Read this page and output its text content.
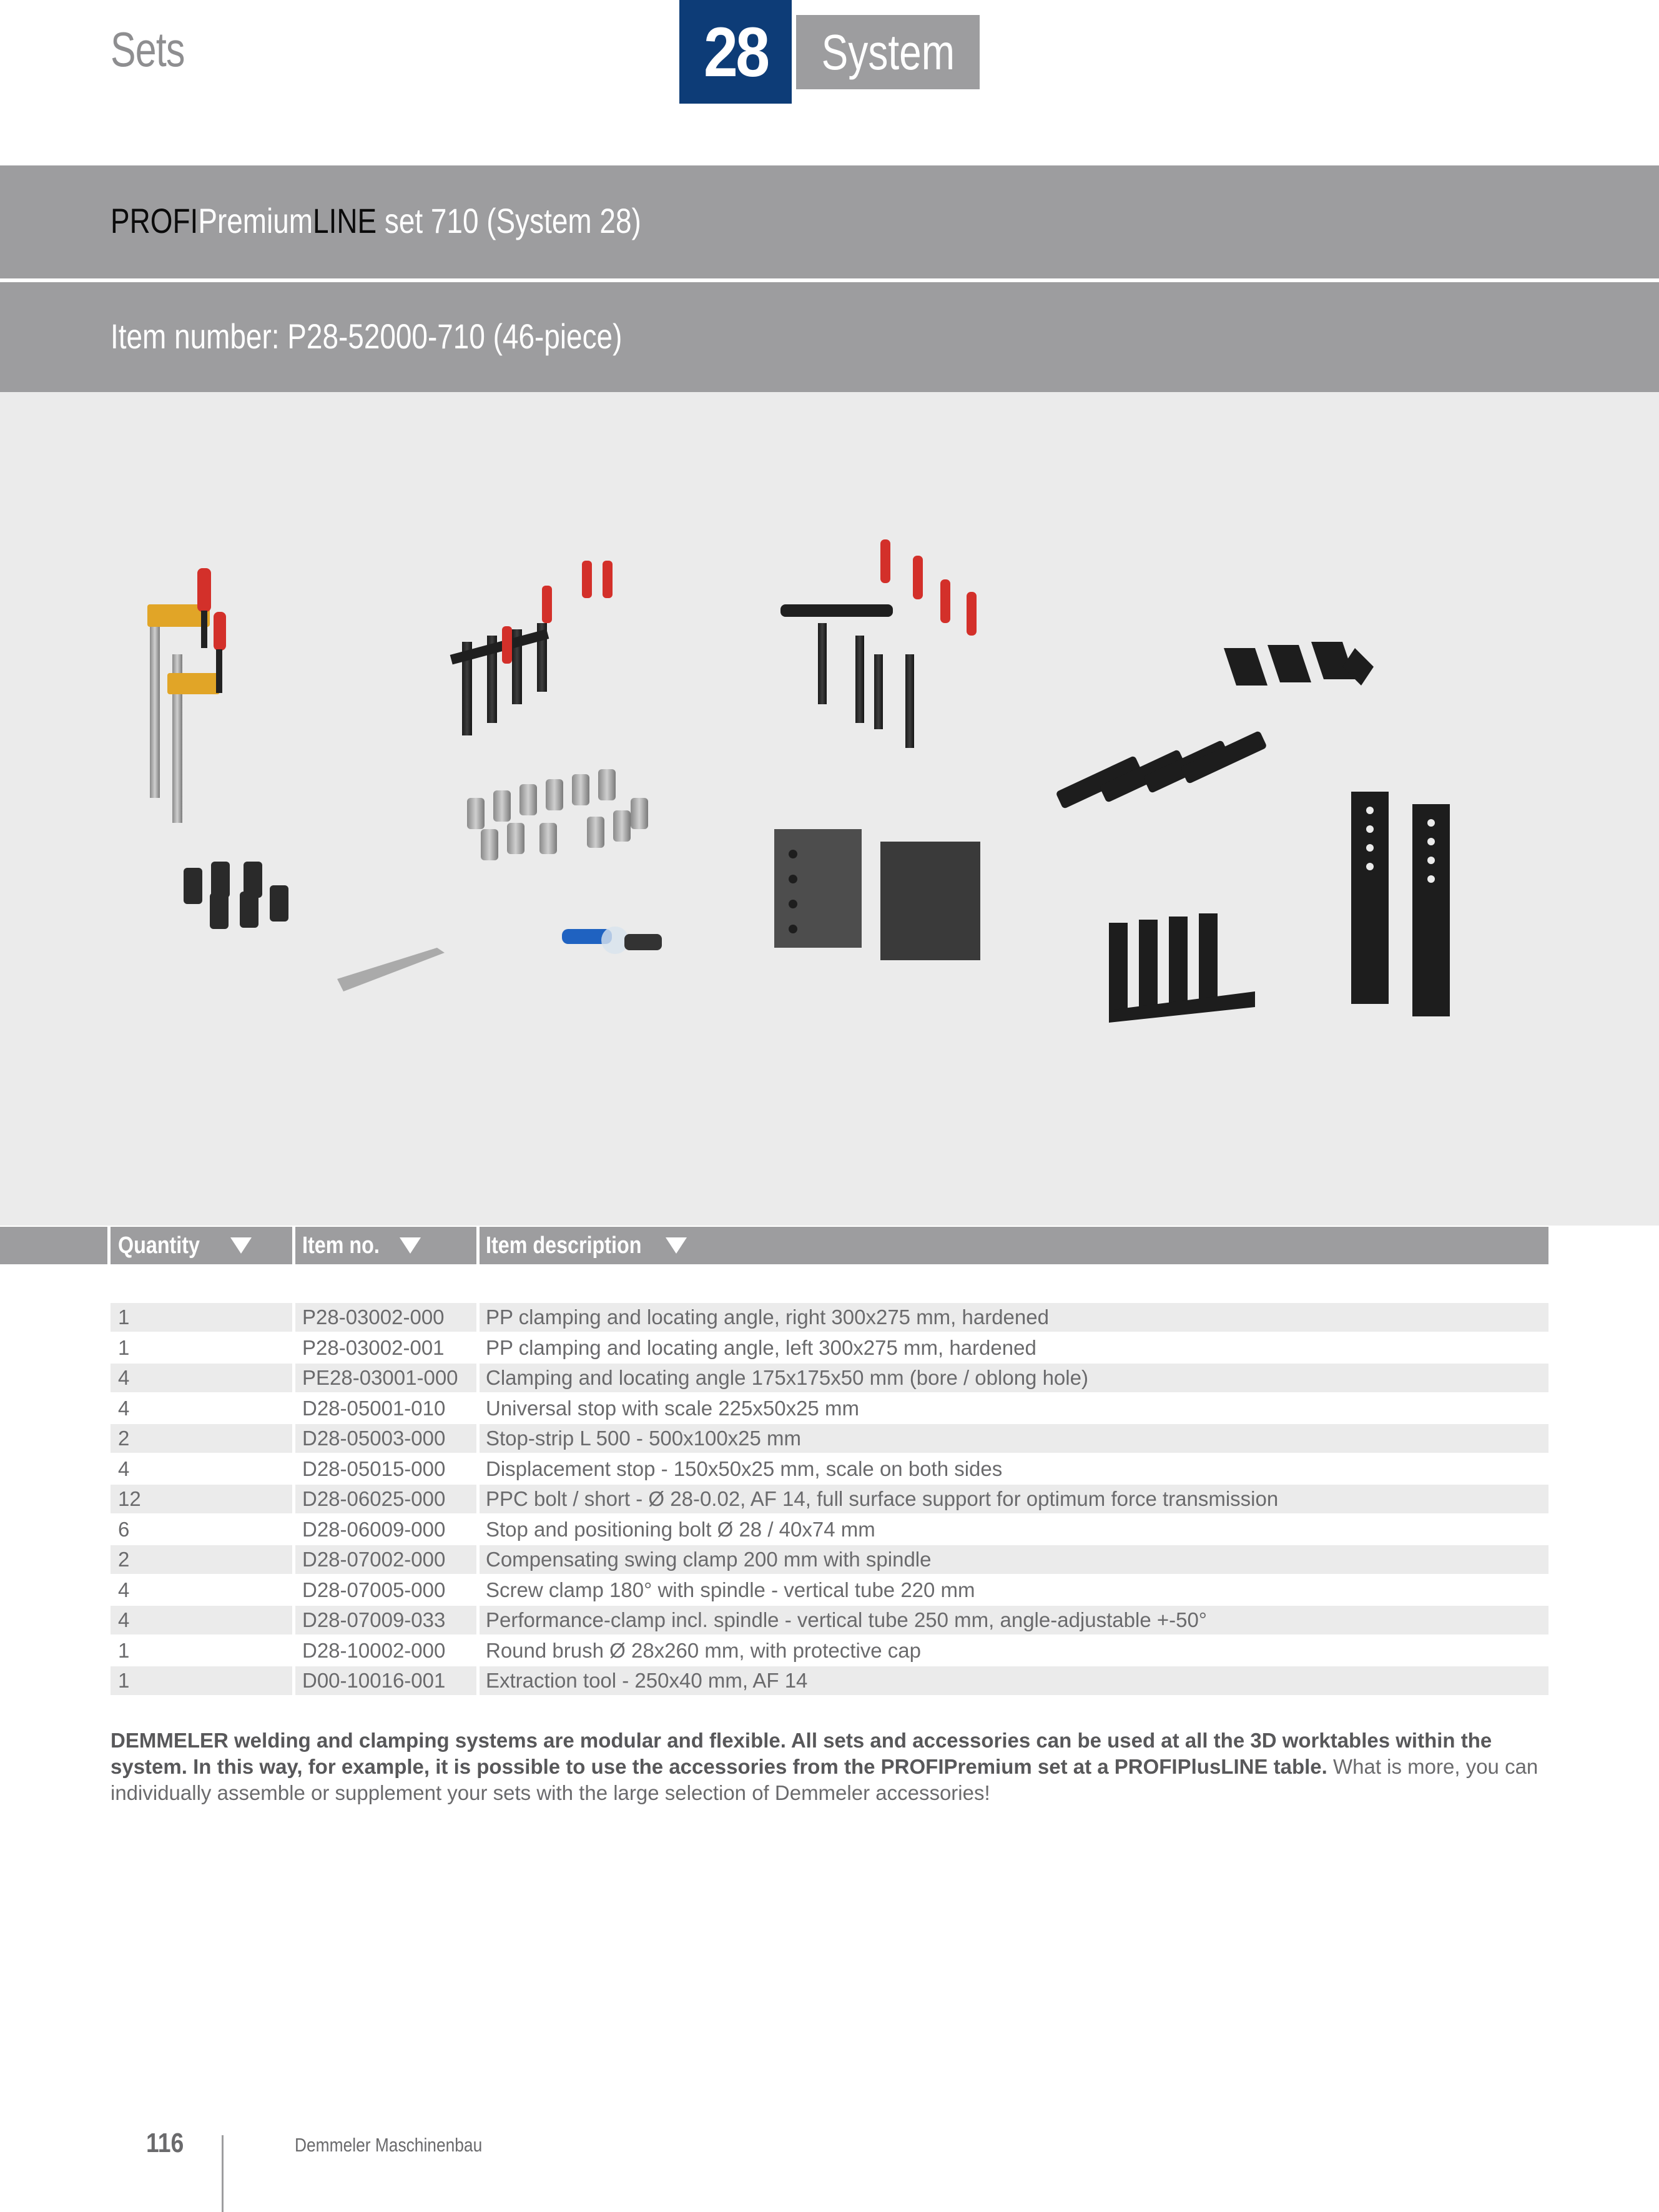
Sets	28 System
PROFIPremiumLINE set 710 (System 28)
Item number: P28-52000-710 (46-piece)
Quantity	Item no.	Item description
1	P28-03002-000 PP clamping and locating angle, right 300x275 mm, hardened
1	P28-03002-001 PP clamping and locating angle, left 300x275 mm, hardened
4	PE28-03001-000 Clamping and locating angle 175x175x50 mm (bore / oblong hole)
4	D28-05001-010 Universal stop with scale 225x50x25 mm
2	D28-05003-000 Stop-strip L 500 - 500x100x25 mm
4	D28-05015-000 Displacement stop - 150x50x25 mm, scale on both sides
12	D28-06025-000 PPC bolt / short - Ø 28-0.02, AF 14, full surface support for optimum force transmission
6	D28-06009-000 Stop and positioning bolt Ø 28 / 40x74 mm
2	D28-07002-000 Compensating swing clamp 200 mm with spindle
4	D28-07005-000 Screw clamp 180° with spindle - vertical tube 220 mm
4	D28-07009-033 Performance-clamp incl. spindle - vertical tube 250 mm, angle-adjustable +-50°
1	D28-10002-000 Round brush Ø 28x260 mm, with protective cap
1	D00-10016-001 Extraction tool - 250x40 mm, AF 14
DEMMELER welding and clamping systems are modular and flexible. All sets and accessories can be used at all the 3D worktables within the system. In this way, for example, it is possible to use the accessories from the PROFIPremium set at a PROFIPlusLINE table. What is more, you can individually assemble or supplement your sets with the large selection of Demmeler accessories!
116	Demmeler Maschinenbau
